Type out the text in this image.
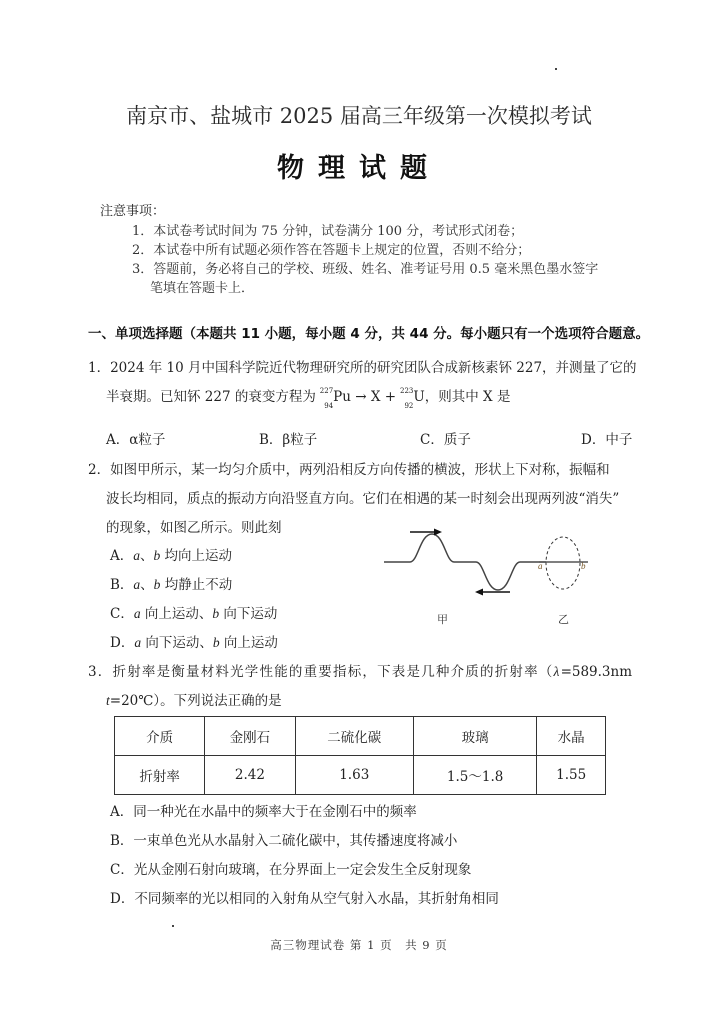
南京市、盐城市 2025 届高三年级第一次模拟考试
物理试题
注意事项：
1．本试卷考试时间为 75 分钟，试卷满分 100 分，考试形式闭卷；
2．本试卷中所有试题必须作答在答题卡上规定的位置，否则不给分；
3．答题前，务必将自己的学校、班级、姓名、准考证号用 0.5 毫米黑色墨水签字
笔填在答题卡上．
一、单项选择题（本题共 11 小题，每小题 4 分，共 44 分。每小题只有一个选项符合题意。
1．2024 年 10 月中国科学院近代物理研究所的研究团队合成新核素钚 227，并测量了它的
半衰期。已知钚 227 的衰变方程为 227
94
Pu → X + 223
92
U，则其中 X 是
A．α粒子	B．β粒子	C．质子	D．中子
2．如图甲所示，某一均匀介质中，两列沿相反方向传播的横波，形状上下对称，振幅和
波长均相同，质点的振动方向沿竖直方向。它们在相遇的某一时刻会出现两列波“消失”
的现象，如图乙所示。则此刻
A．a、b 均向上运动
B．a、b 均静止不动
C．a 向上运动、b 向下运动
D．a 向下运动、b 向上运动
a	b
甲	乙
3．折射率是衡量材料光学性能的重要指标，下表是几种介质的折射率（λ=589.3nm
t=20℃）。下列说法正确的是
介质	金刚石	二硫化碳	玻璃	水晶
折射率	2.42	1.63	1.5～1.8	1.55
A．同一种光在水晶中的频率大于在金刚石中的频率
B．一束单色光从水晶射入二硫化碳中，其传播速度将减小
C．光从金刚石射向玻璃，在分界面上一定会发生全反射现象
D．不同频率的光以相同的入射角从空气射入水晶，其折射角相同
高三物理试卷 第 1 页　共 9 页
